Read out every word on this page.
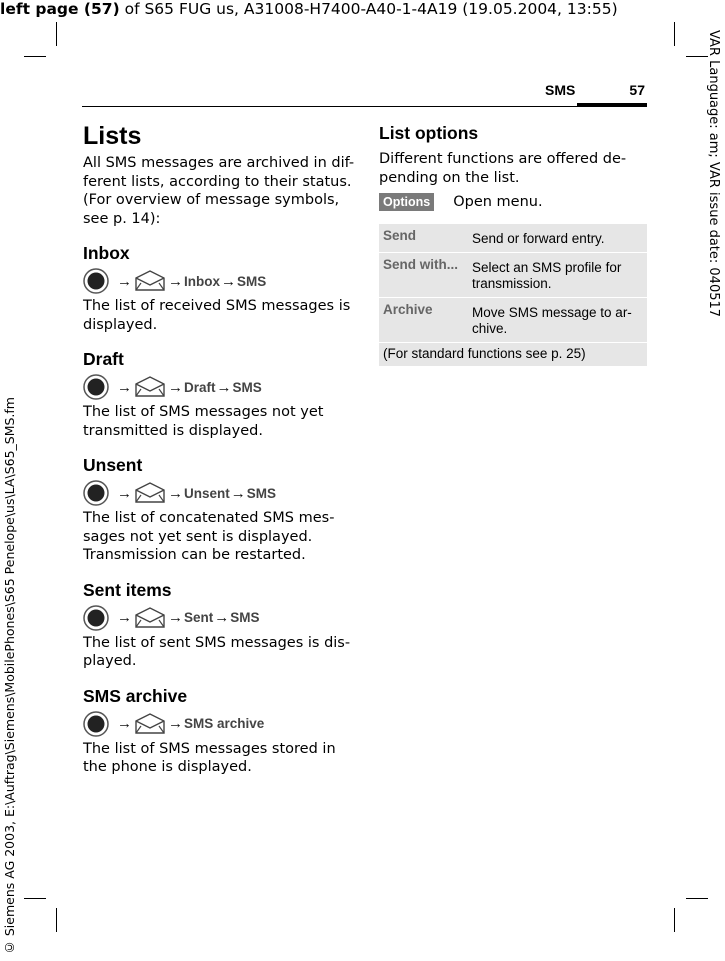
left page (57) of S65 FUG us, A31008-H7400-A40-1-4A19 (19.05.2004, 13:55)
VAR Language: am; VAR issue date: 040517
© Siemens AG 2003, E:\Auftrag\Siemens\MobilePhones\S65 Penelope\us\LA\S65_SMS.fm
SMS	57
Lists
All SMS messages are archived in dif-ferent lists, according to their status. (For overview of message symbols, see p. 14):
Inbox
→ → Inbox → SMS
The list of received SMS messages is displayed.
Draft
→ → Draft → SMS
The list of SMS messages not yet transmitted is displayed.
Unsent
→ → Unsent → SMS
The list of concatenated SMS mes-sages not yet sent is displayed. Transmission can be restarted.
Sent items
→ → Sent → SMS
The list of sent SMS messages is dis-played.
SMS archive
→ → SMS archive
The list of SMS messages stored in the phone is displayed.
List options
Different functions are offered de-pending on the list.
Options Open menu.
Send	Send or forward entry.
Send with...	Select an SMS profile for transmission.
Archive	Move SMS message to ar-chive.
(For standard functions see p. 25)
